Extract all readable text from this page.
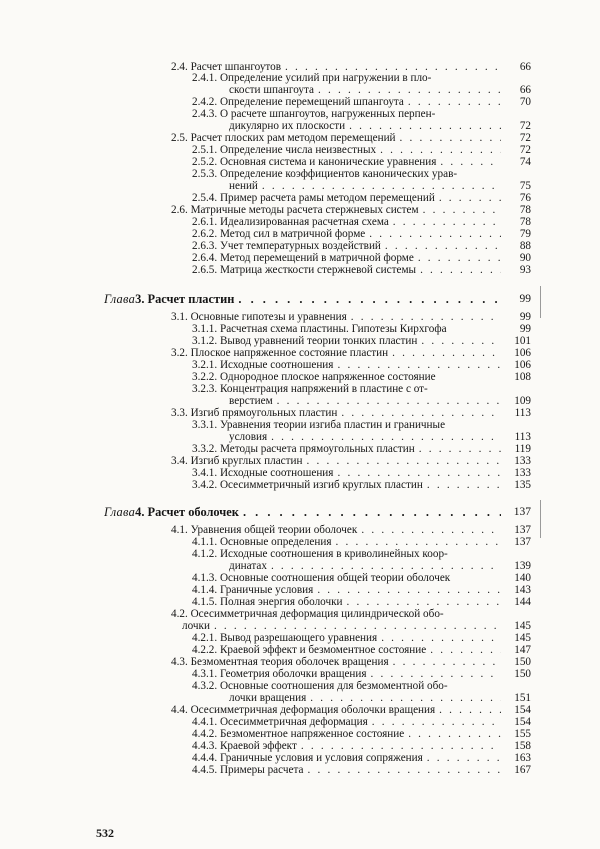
2.4. Расчет шпангоутов . . .	66
2.4.1. Определение усилий при нагружении в пло-
скости шпангоута . . .	66
2.4.2. Определение перемещений шпангоута . . .	70
2.4.3. О расчете шпангоутов, нагруженных перпен-
дикулярно их плоскости . . .	72
2.5. Расчет плоских рам методом перемещений . . .	72
2.5.1. Определение числа неизвестных . . .	72
2.5.2. Основная система и канонические уравнения . . .	74
2.5.3. Определение коэффициентов канонических урав-
нений . . .	75
2.5.4. Пример расчета рамы методом перемещений . . .	76
2.6. Матричные методы расчета стержневых систем . . .	78
2.6.1. Идеализированная расчетная схема . . .	78
2.6.2. Метод сил в матричной форме . . .	79
2.6.3. Учет температурных воздействий . . .	88
2.6.4. Метод перемещений в матричной форме . . .	90
2.6.5. Матрица жесткости стержневой системы . . .	93
Глава 3. Расчет пластин . . .	99
3.1. Основные гипотезы и уравнения . . .	99
3.1.1. Расчетная схема пластины. Гипотезы Кирхгофа	99
3.1.2. Вывод уравнений теории тонких пластин . . .	101
3.2. Плоское напряженное состояние пластин . . .	106
3.2.1. Исходные соотношения . . .	106
3.2.2. Однородное плоское напряженное состояние	108
3.2.3. Концентрация напряжений в пластине с от-
верстием . . .	109
3.3. Изгиб прямоугольных пластин . . .	113
3.3.1. Уравнения теории изгиба пластин и граничные
условия . . .	113
3.3.2. Методы расчета прямоугольных пластин . . .	119
3.4. Изгиб круглых пластин . . .	133
3.4.1. Исходные соотношения . . .	133
3.4.2. Осесимметричный изгиб круглых пластин . . .	135
Глава 4. Расчет оболочек . . .	137
4.1. Уравнения общей теории оболочек . . .	137
4.1.1. Основные определения . . .	137
4.1.2. Исходные соотношения в криволинейных коор-
динатах . . .	139
4.1.3. Основные соотношения общей теории оболочек	140
4.1.4. Граничные условия . . .	143
4.1.5. Полная энергия оболочки . . .	144
4.2. Осесимметричная деформация цилиндрической обо-
лочки . . .	145
4.2.1. Вывод разрешающего уравнения . . .	145
4.2.2. Краевой эффект и безмоментное состояние . . .	147
4.3. Безмоментная теория оболочек вращения . . .	150
4.3.1. Геометрия оболочки вращения . . .	150
4.3.2. Основные соотношения для безмоментной обо-
лочки вращения . . .	151
4.4. Осесимметричная деформация оболочки вращения . . .	154
4.4.1. Осесимметричная деформация . . .	154
4.4.2. Безмоментное напряженное состояние . . .	155
4.4.3. Краевой эффект . . .	158
4.4.4. Граничные условия и условия сопряжения . . .	163
4.4.5. Примеры расчета . . .	167
532
